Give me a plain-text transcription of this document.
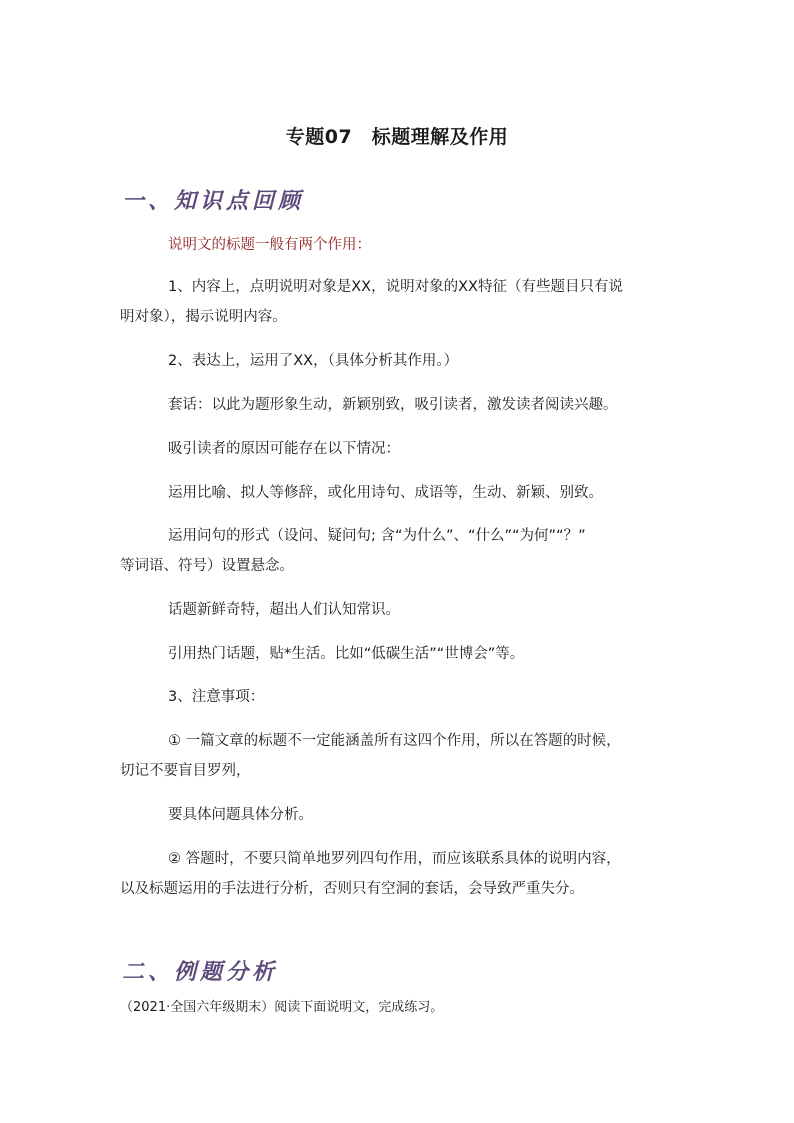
专题07　标题理解及作用
一、知识点回顾
说明文的标题一般有两个作用：
1、内容上，点明说明对象是XX，说明对象的XX特征（有些题目只有说
明对象），揭示说明内容。
2、表达上，运用了XX，（具体分析其作用。）
套话：以此为题形象生动，新颖别致，吸引读者，激发读者阅读兴趣。
吸引读者的原因可能存在以下情况：
运用比喻、拟人等修辞，或化用诗句、成语等，生动、新颖、别致。
运用问句的形式（设问、疑问句; 含“为什么”、“什么”“为何”“？”
等词语、符号）设置悬念。
话题新鲜奇特，超出人们认知常识。
引用热门话题，贴*生活。比如“低碳生活”“世博会”等。
3、注意事项：
① 一篇文章的标题不一定能涵盖所有这四个作用，所以在答题的时候，
切记不要盲目罗列，
要具体问题具体分析。
② 答题时，不要只简单地罗列四句作用，而应该联系具体的说明内容，
以及标题运用的手法进行分析，否则只有空洞的套话，会导致严重失分。
二、例题分析
（2021·全国六年级期末）阅读下面说明文，完成练习。
